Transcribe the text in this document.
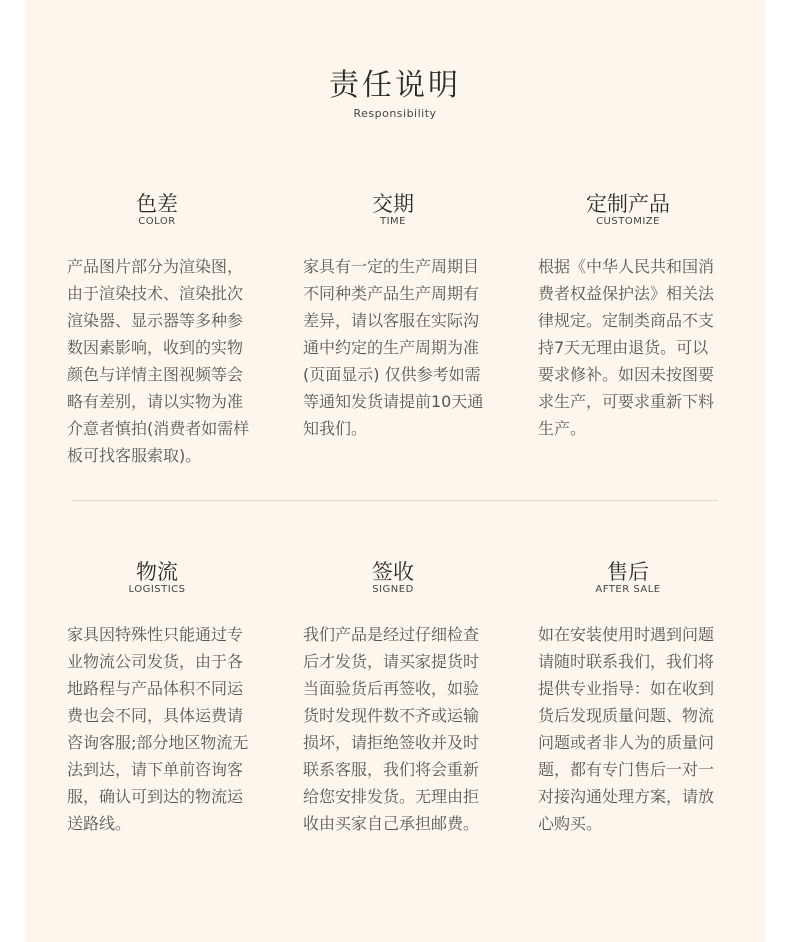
责任说明
Responsibility
色差
COLOR
产品图片部分为渲染图，由于渲染技术、渲染批次渲染器、显示器等多种参数因素影响，收到的实物颜色与详情主图视频等会略有差别，请以实物为准介意者慎拍(消费者如需样板可找客服索取)。
交期
TIME
家具有一定的生产周期目不同种类产品生产周期有差异，请以客服在实际沟通中约定的生产周期为准(页面显示) 仅供参考如需等通知发货请提前10天通知我们。
定制产品
CUSTOMIZE
根据《中华人民共和国消费者权益保护法》相关法律规定。定制类商品不支持7天无理由退货。可以要求修补。如因未按图要求生产，可要求重新下料生产。
物流
LOGISTICS
家具因特殊性只能通过专业物流公司发货，由于各地路程与产品体积不同运费也会不同，具体运费请咨询客服;部分地区物流无法到达，请下单前咨询客服，确认可到达的物流运送路线。
签收
SIGNED
我们产品是经过仔细检查后才发货，请买家提货时当面验货后再签收，如验货时发现件数不齐或运输损坏，请拒绝签收并及时联系客服，我们将会重新给您安排发货。无理由拒收由买家自己承担邮费。
售后
AFTER SALE
如在安装使用时遇到问题请随时联系我们，我们将提供专业指导：如在收到货后发现质量问题、物流问题或者非人为的质量问题，都有专门售后一对一对接沟通处理方案，请放心购买。
